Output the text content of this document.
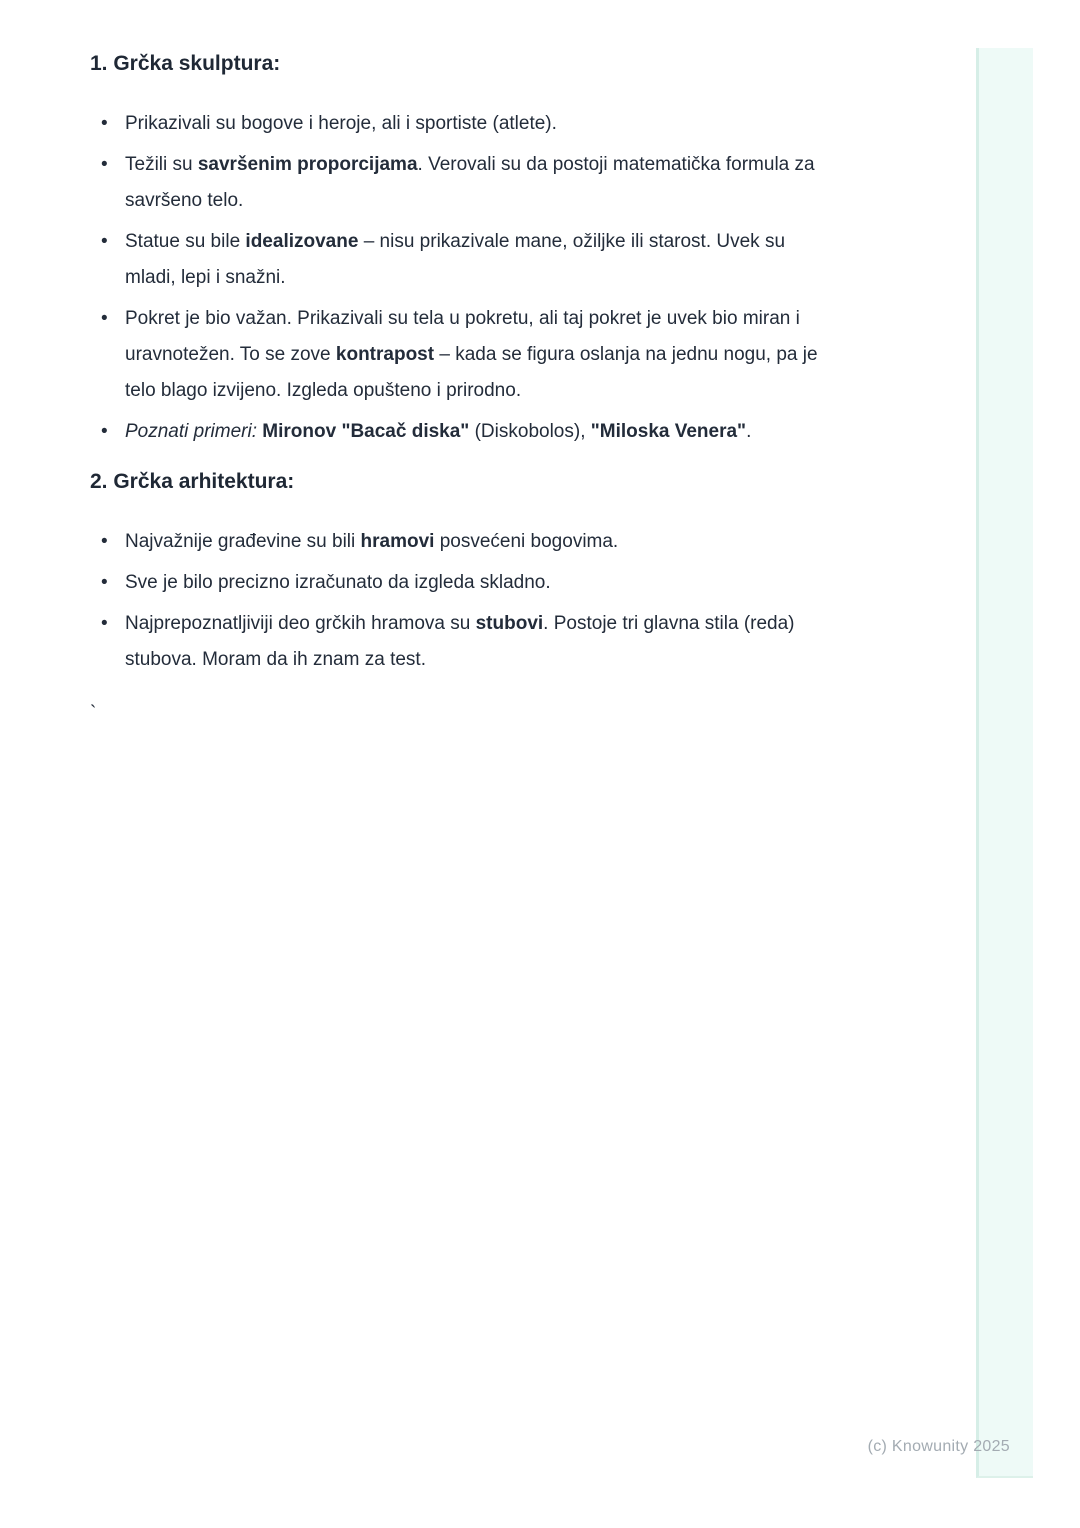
1. Grčka skulptura:
• Prikazivali su bogove i heroje, ali i sportiste (atlete).
• Težili su savršenim proporcijama. Verovali su da postoji matematička formula za savršeno telo.
• Statue su bile idealizovane – nisu prikazivale mane, ožiljke ili starost. Uvek su mladi, lepi i snažni.
• Pokret je bio važan. Prikazivali su tela u pokretu, ali taj pokret je uvek bio miran i uravnotežen. To se zove kontrapost – kada se figura oslanja na jednu nogu, pa je telo blago izvijeno. Izgleda opušteno i prirodno.
• Poznati primeri: Mironov "Bacač diska" (Diskobolos), "Miloska Venera".
2. Grčka arhitektura:
• Najvažnije građevine su bili hramovi posvećeni bogovima.
• Sve je bilo precizno izračunato da izgleda skladno.
• Najprepoznatljiviji deo grčkih hramova su stubovi. Postoje tri glavna stila (reda) stubova. Moram da ih znam za test.

`

(c) Knowunity 2025
